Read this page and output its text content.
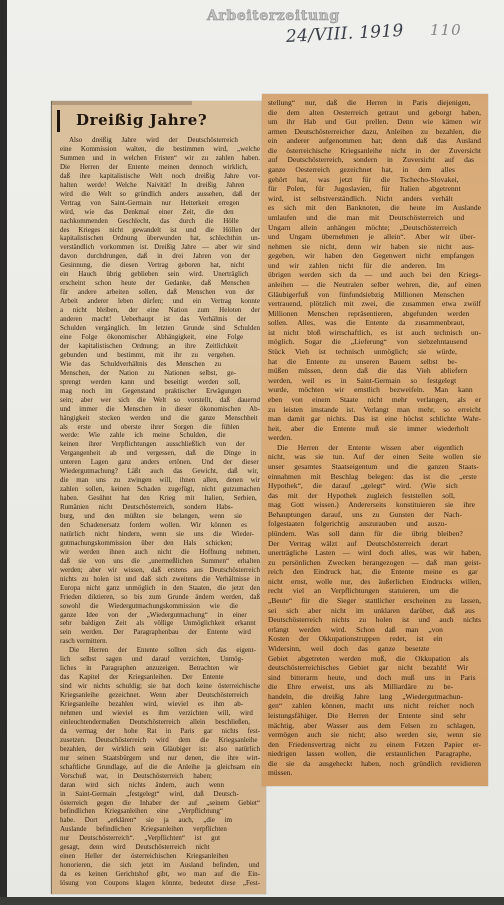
Arbeiterzeitung
24/VIII. 1919 110
Dreißig Jahre?
Also dreißig Jahre wird der Deutschösterreich
eine Kommission walten, die bestimmen wird, „welche
Summen und in welchen Fristen“ wir zu zahlen haben.
Die Herren der Entente meinen dennoch wirklich,
daß ihre kapitalistische Welt noch dreißig Jahre vor-
halten werde! Welche Naivität! In dreißig Jahren
wird die Welt so gründlich anders aussehen, daß der
Vertrag von Saint-Germain nur Heiterkeit erregen
wird, wie das Denkmal einer Zeit, die den
nachkommenden Geschlecht, das durch die Hölle
des Krieges nicht gewandelt ist und die Höllen der
kapitalistischen Ordnung überwunden hat, schlechthin un-
verständlich vorkommen ist. Dreißig Jahre — aber wir sind
davon durchdrungen, daß in drei Jahren von der
Gesinnung, die diesen Vertrag geboren hat, nicht
ein Hauch übrig geblieben sein wird. Unerträglich
erscheint schon heute der Gedanke, daß Menschen
für andere arbeiten sollen, daß Menschen von der
Arbeit anderer leben dürfen; und ein Vertrag konnte
a nicht bleiben, der eine Nation zum Heloten der
anderen macht! Ueberhaupt ist das Verhältnis der
Schulden vergänglich. Im letzten Grunde sind Schulden
eine Folge ökonomischer Abhängigkeit, eine Folge
der kapitalistischen Ordnung; an ihre Zeitlichkeit
gebunden und bestimmt, mit ihr zu vergehen.
Wie das Schuldverhältnis des Menschen zu
Menschen, der Nation zu Nationen selbst, ge-
sprengt werden kann und beseitigt werden soll,
mag noch im Gegenstand praktischer Erwägungen
sein; aber wer sich die Welt so vorstellt, daß dauernd
und immer die Menschen in dieser ökonomischen Ab-
hängigkeit stecken werden und die ganze Menschheit
als erste und oberste ihrer Sorgen die fühlen
werde: Wie zahle ich meine Schulden, die
keinen ihrer Verpflichtungen ausschließlich von der
Vergangenheit ab und vergessen, daß die Dinge in
unteren Lagen ganz anders ertönen. Und der dieser
Wiedergutmachung? Läßt auch das Gewicht, daß wir,
die man uns zu zwingen will, ihnen allen, denen wir
zahlen sollen, keinen Schaden zugefügt, nicht gutzumachen
haben. Gesühnt hat den Krieg mit Italien, Serbien,
Rumänien nicht Deutschösterreich, sondern Habs-
burg, und den müßten sie belangen, wenn sie
den Schadenersatz fordern wollen. Wir können es
natürlich nicht hindern, wenn sie uns die Wieder-
gutmachungskommission über den Hals schicken;
wir werden ihnen auch nicht die Hoffnung nehmen,
daß sie von uns die „unermeßlichen Summen“ erhalten
werden; aber wir wissen, daß erstens aus Deutschösterreich
nichts zu holen ist und daß sich zweitens die Verhältnisse in
Europa nicht ganz unmöglich in den Staaten, die jetzt den
Frieden diktieren, so bis zum Grunde ändern werden, daß
sowohl die Wiedergutmachungskommission wie die
ganze Idee von der „Wiedergutmachung“ in einer
sehr baldigen Zeit als völlige Unmöglichkeit erkannt
sein werden. Der Paragraphenbau der Entente wird
rasch vermittern.
Die Herren der Entente sollten sich das eigent-
lich selbst sagen und darauf verzichten, Unmög-
liches in Paragraphen anzuzeigen. Betrachten wir
das Kapitel der Kriegsanleihen. Der Entente
sind wir nichts schuldig; sie hat doch keine österreichische
Kriegsanleihe gezeichnet. Wenn aber Deutschösterreich
Kriegsanleihe bezahlen wird, wieviel es ihm ab-
nehmen und wieviel es ihm verzichten will, wird
einleuchtendermaßen Deutschösterreich allein beschließen,
da vermag der hohe Rat in Paris gar nichts fest-
zusetzen. Deutschösterreich wird dem die Kriegsanleihe
bezahlen, der wirklich sein Gläubiger ist: also natürlich
nur seinen Staatsbürgern und nur denen, die ihre wirt-
schaftliche Grundlage, auf die die Anleihe ja gleichsam ein
Vorschuß war, in Deutschösterreich haben;
daran wird sich nichts ändern, auch wenn
in Saint-Germain „festgelegt“ wird, daß Deutsch-
österreich gegen die Inhaber der auf „seinem Gebiet“
befindlichen Kriegsanleihen eine „Verpflichtung“
habe. Dort „erklären“ sie ja auch, „die im
Auslande befindlichen Kriegsanleihen verpflichten
nur Deutschösterreich“. „Verpflichten“ ist gut
gesagt, denn wird Deutschösterreich nicht
einen Heller der österreichischen Kriegsanleihen
honorieren, die sich jetzt im Ausland befinden, und
da es keinen Gerichtshof gibt, wo man auf die Ein-
lösung von Coupons klagen könnte, bedeutet diese „Fest-
stellung“ nur, daß die Herren in Paris diejenigen,
die dem alten Oesterreich getraut und geborgt haben,
um ihr Hab und Gut prellen. Denn wie kämen wir
armen Deutschösterreicher dazu, Anleihen zu bezahlen, die
ein anderer aufgenommen hat; denn daß das Ausland
die österreichische Kriegsanleihe nicht in der Zuversicht
auf Deutschösterreich, sondern in Zuversicht auf das
ganze Oesterreich gezeichnet hat, in dem alles
gehört hat, was jetzt für die Tschecho-Slovakei,
für Polen, für Jugoslavien, für Italien abgetrennt
wird, ist selbstverständlich. Nicht anders verhält
es sich mit den Banknoten, die heute im Auslande
umlaufen und die man mit Deutschösterreich und
Ungarn allein anhängen möchte; „Deutschösterreich
und Ungarn übernehmen je allein“. Aber wir über-
nehmen sie nicht, denn wir haben sie nicht aus-
gegeben, wir haben den Gegenwert nicht empfangen
und wir zahlen nicht für die anderen. Im
übrigen werden sich da — und auch bei den Kriegs-
anleihen — die Neutralen selber wehren, die, auf einen
Gläubigerfuß von fünfundsiebzig Millionen Menschen
vertrauend, plötzlich mit zwei, die zusammen etwa zwölf
Millionen Menschen repräsentieren, abgefunden werden
sollen. Alles, was die Entente da zusammenbraut,
ist nicht bloß wirtschaftlich, es ist auch technisch un-
möglich. Sogar die „Lieferung“ von siebzehntausend
Stück Vieh ist technisch unmöglich; sie würde,
hat die Entente zu unseren Bauern selbst be-
müßen müssen, denn daß die das Vieh abliefern
werden, weil es in Saint-Germain so festgelegt
wurde, möchten wir ernstlich bezweifeln. Man kann
eben von einem Staate nicht mehr verlangen, als er
zu leisten imstande ist. Verlangt man mehr, so erreicht
man damit gar nichts. Das ist eine höchst schlichte Wahr-
heit, aber die Entente muß sie immer wiederholt
werden.
Die Herren der Entente wissen aber eigentlich
nicht, was sie tun. Auf der einen Seite wollen sie
unser gesamtes Staatseigentum und die ganzen Staats-
einnahmen mit Beschlag belegen: das ist die „erste
Hypothek“, die darauf „gelegt“ wird. (Wie sich
das mit der Hypothek zugleich feststellen soll,
mag Gott wissen.) Andererseits konstituieren sie ihre
Behauptungen darauf, uns zu Gunsten der Nach-
folgestaaten folgerichtig auszurauben und auszu-
plündern. Was soll dann für die übrig bleiben?
Der Vertrag wälzt auf Deutschösterreich derart
unerträgliche Lasten — wird doch alles, was wir haben,
zu persönlichen Zwecken herangezogen — daß man geist-
reich den Eindruck hat, die Entente meine es gar
nicht ernst, wolle nur, des äußerlichen Eindrucks willen,
recht viel an Verpflichtungen statuieren, um die
„Beute“ für die Sieger stattlicher erscheinen zu lassen,
sei sich aber nicht im unklaren darüber, daß aus
Deutschösterreich nichts zu holen ist und auch nichts
erlangt werden wird. Schon daß man „von
Kosten der Okkupationstruppen redet, ist ein
Widersinn, weil doch das ganze besetzte
Gebiet abgetreten werden muß, die Okkupation als
deutschösterreichisches Gebiet gar nicht bezahlt! Wir
sind bitterarm heute, und doch muß uns in Paris
die Ehre erweist, uns als Milliardäre zu be-
handeln, die dreißig Jahre lang „Wiedergutmachun-
gen“ zahlen können, macht uns nicht reicher noch
leistungsfähiger. Die Herren der Entente sind sehr
mächtig, aber Wasser aus dem Felsen zu schlagen,
vermögen auch sie nicht; also werden sie, wenn sie
den Friedensvertrag nicht zu einem Fetzen Papier er-
niedrigen lassen wollen, die erstaunlichen Paragraphe,
die sie da ausgeheckt haben, noch gründlich revidieren
müssen.
